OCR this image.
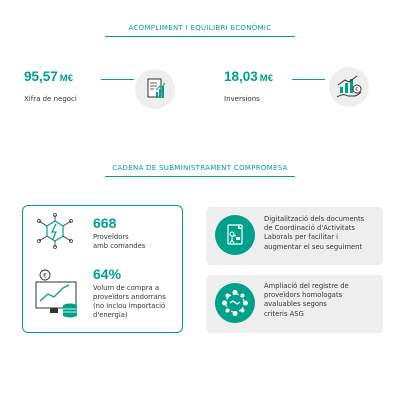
ACOMPLIMENT I EQUILIBRI ECONÒMIC
95,57 M€
Xifra de negoci
18,03 M€
Inversions
€
CADENA DE SUBMINISTRAMENT COMPROMESA
668
Proveïdors
amb comandes
€	64%
Volum de compra a
proveïdors andorrans
(no inclou importació
d'energia)
Digitalització dels documents
de Coordinació d'Activitats
Laborals per facilitar i
augmentar el seu seguiment
Ampliació del registre de
proveïdors homologats
avaluables segons
criteris ASG
